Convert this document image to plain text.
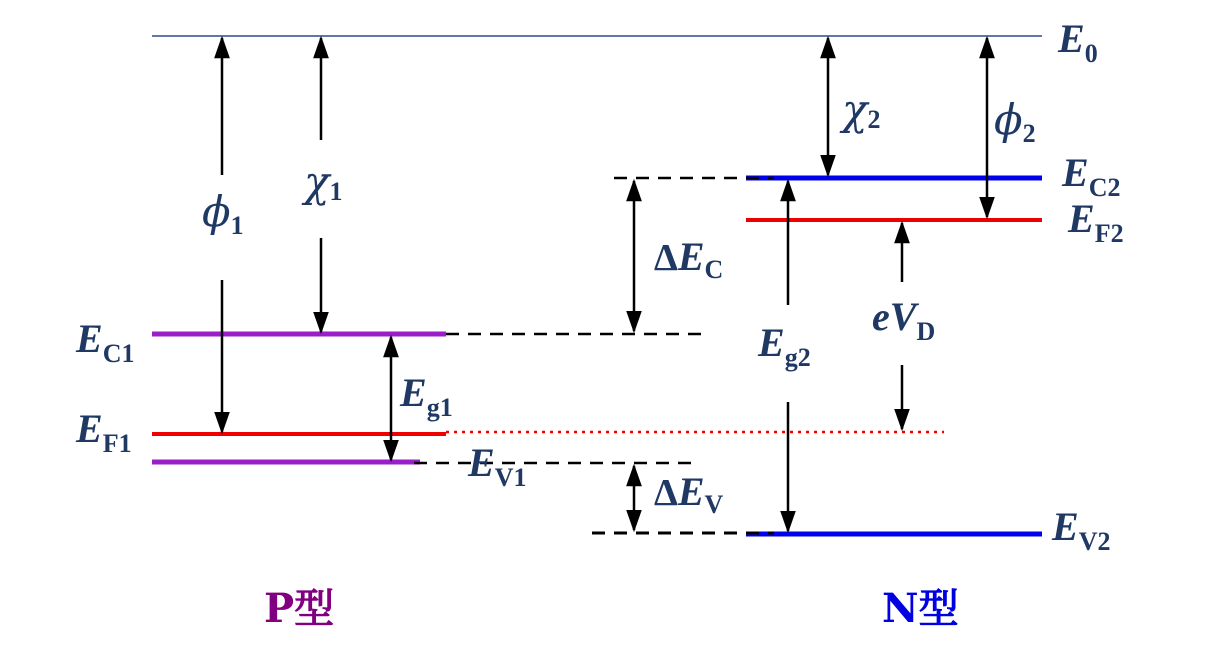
E0
EC2
EF2
EV2
EC1
EF1	EV1
Eg1
Eg2
ΔEC
ΔEV
eVD
ϕ1
χ1
χ2	ϕ2
P型	N型
